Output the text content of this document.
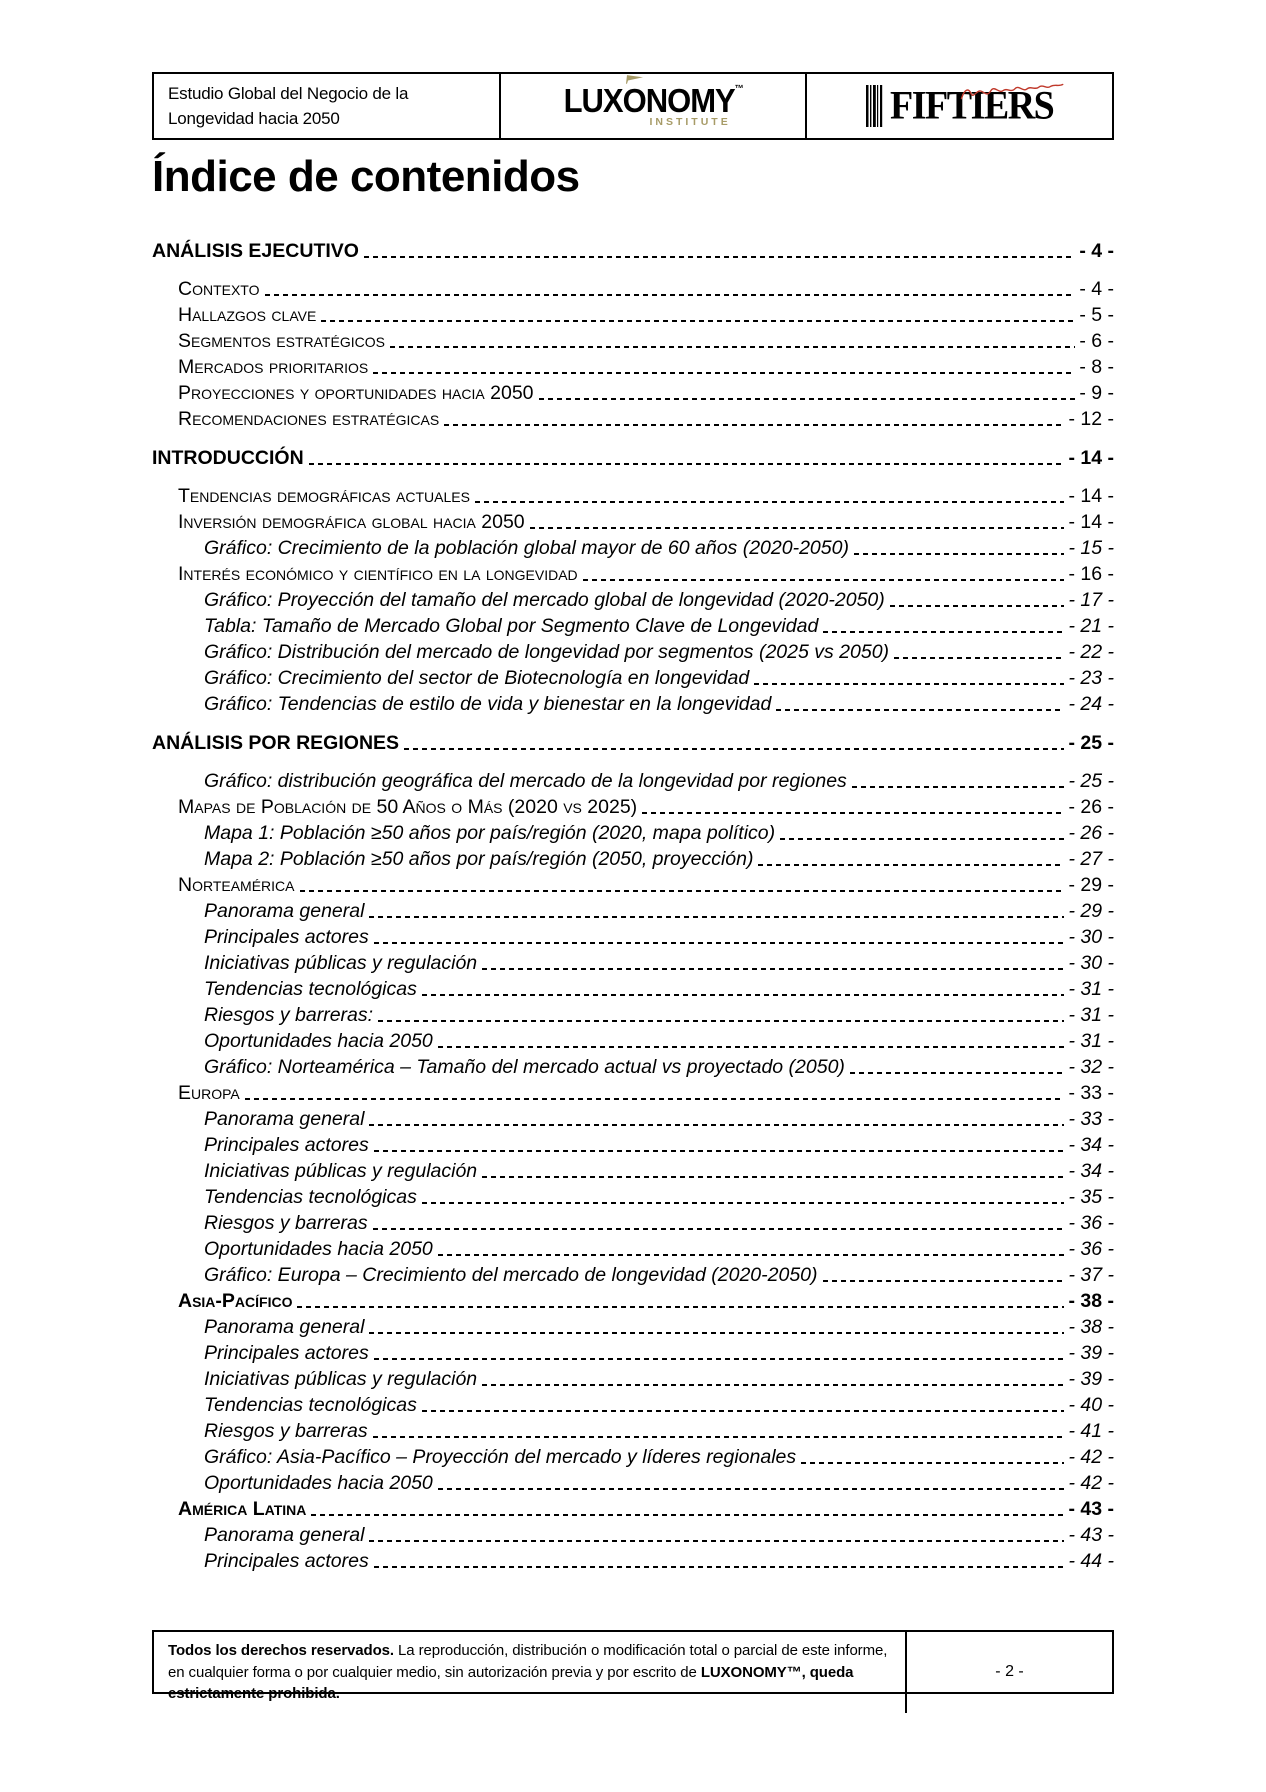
Estudio Global del Negocio de la Longevidad hacia 2050	LUXO
NOMY™
INSTITUTE	FIFTIERS
Índice de contenidos
ANÁLISIS EJECUTIVO	- 4 -
Contexto	- 4 -
Hallazgos clave	- 5 -
Segmentos estratégicos	- 6 -
Mercados prioritarios	- 8 -
Proyecciones y oportunidades hacia 2050	- 9 -
Recomendaciones estratégicas	- 12 -
INTRODUCCIÓN	- 14 -
Tendencias demográficas actuales	- 14 -
Inversión demográfica global hacia 2050	- 14 -
Gráfico: Crecimiento de la población global mayor de 60 años (2020-2050)	- 15 -
Interés económico y científico en la longevidad	- 16 -
Gráfico: Proyección del tamaño del mercado global de longevidad (2020-2050)	- 17 -
Tabla: Tamaño de Mercado Global por Segmento Clave de Longevidad	- 21 -
Gráfico: Distribución del mercado de longevidad por segmentos (2025 vs 2050)	- 22 -
Gráfico: Crecimiento del sector de Biotecnología en longevidad	- 23 -
Gráfico: Tendencias de estilo de vida y bienestar en la longevidad	- 24 -
ANÁLISIS POR REGIONES	- 25 -
Gráfico: distribución geográfica del mercado de la longevidad por regiones	- 25 -
Mapas de Población de 50 Años o Más (2020 vs 2025)	- 26 -
Mapa 1: Población ≥50 años por país/región (2020, mapa político)	- 26 -
Mapa 2: Población ≥50 años por país/región (2050, proyección)	- 27 -
Norteamérica	- 29 -
Panorama general	- 29 -
Principales actores	- 30 -
Iniciativas públicas y regulación	- 30 -
Tendencias tecnológicas	- 31 -
Riesgos y barreras:	- 31 -
Oportunidades hacia 2050	- 31 -
Gráfico: Norteamérica – Tamaño del mercado actual vs proyectado (2050)	- 32 -
Europa	- 33 -
Panorama general	- 33 -
Principales actores	- 34 -
Iniciativas públicas y regulación	- 34 -
Tendencias tecnológicas	- 35 -
Riesgos y barreras	- 36 -
Oportunidades hacia 2050	- 36 -
Gráfico: Europa – Crecimiento del mercado de longevidad (2020-2050)	- 37 -
Asia-Pacífico	- 38 -
Panorama general	- 38 -
Principales actores	- 39 -
Iniciativas públicas y regulación	- 39 -
Tendencias tecnológicas	- 40 -
Riesgos y barreras	- 41 -
Gráfico: Asia-Pacífico – Proyección del mercado y líderes regionales	- 42 -
Oportunidades hacia 2050	- 42 -
América Latina	- 43 -
Panorama general	- 43 -
Principales actores	- 44 -
Todos los derechos reservados. La reproducción, distribución o modificación total o parcial de este informe, en cualquier forma o por cualquier medio, sin autorización previa y por escrito de LUXONOMY™, queda estrictamente prohibida.
- 2 -
